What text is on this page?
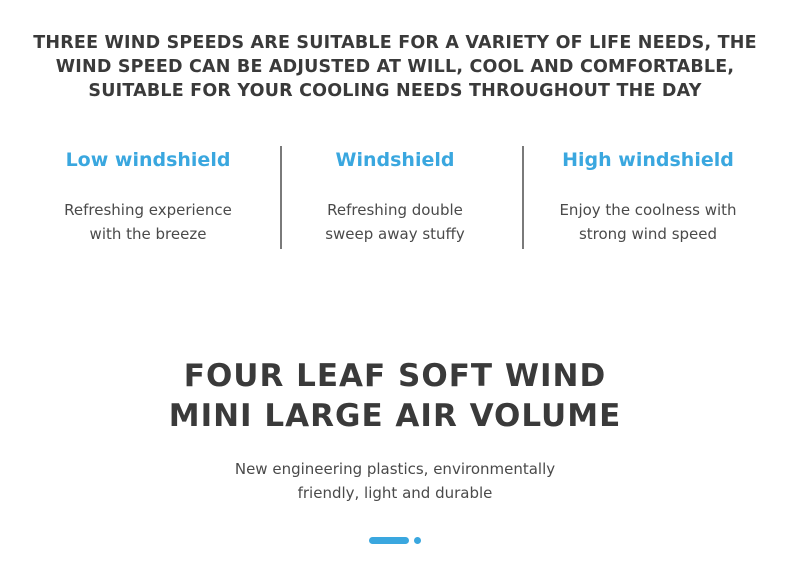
THREE WIND SPEEDS ARE SUITABLE FOR A VARIETY OF LIFE NEEDS, THE
WIND SPEED CAN BE ADJUSTED AT WILL, COOL AND COMFORTABLE,
SUITABLE FOR YOUR COOLING NEEDS THROUGHOUT THE DAY
Low windshield
Refreshing experience
with the breeze
Windshield
Refreshing double
sweep away stuffy
High windshield
Enjoy the coolness with
strong wind speed
FOUR LEAF SOFT WIND
MINI LARGE AIR VOLUME
New engineering plastics, environmentally
friendly, light and durable
